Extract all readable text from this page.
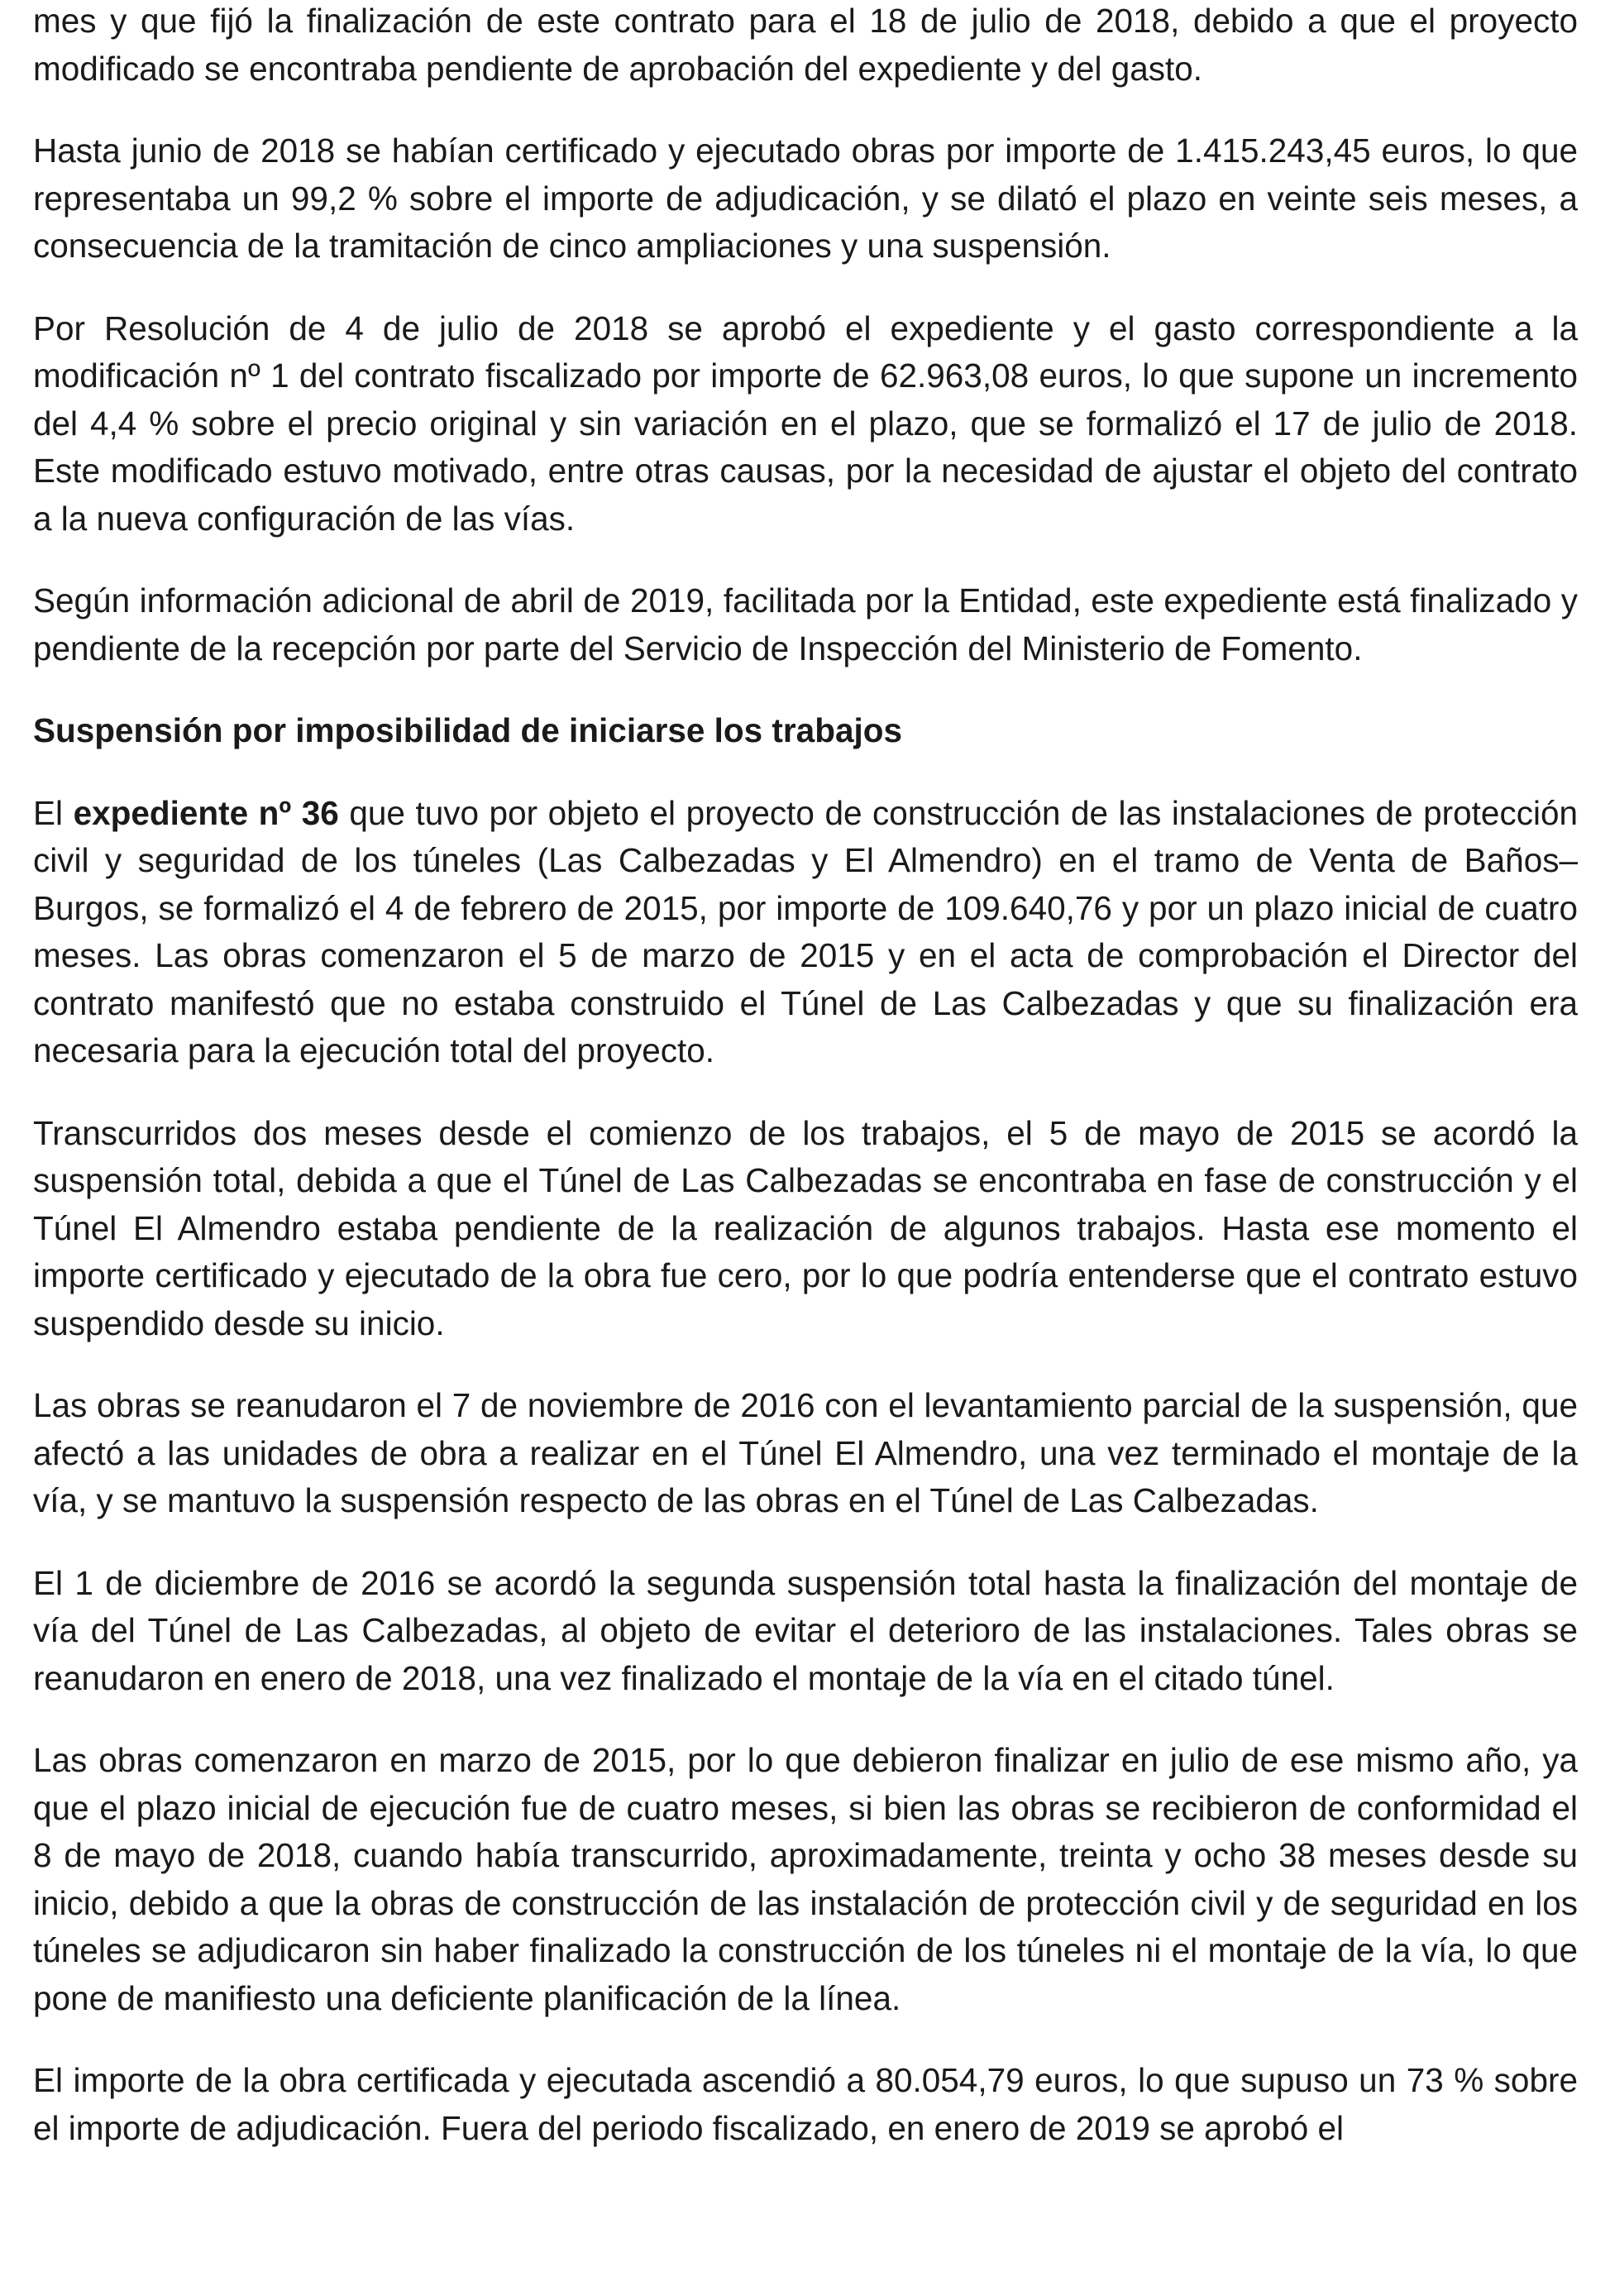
mes y que fijó la finalización de este contrato para el 18 de julio de 2018, debido a que el proyecto modificado se encontraba pendiente de aprobación del expediente y del gasto.

Hasta junio de 2018 se habían certificado y ejecutado obras por importe de 1.415.243,45 euros, lo que representaba un 99,2 % sobre el importe de adjudicación, y se dilató el plazo en veinte seis meses, a consecuencia de la tramitación de cinco ampliaciones y una suspensión.

Por Resolución de 4 de julio de 2018 se aprobó el expediente y el gasto correspondiente a la modificación nº 1 del contrato fiscalizado por importe de 62.963,08 euros, lo que supone un incremento del 4,4 % sobre el precio original y sin variación en el plazo, que se formalizó el 17 de julio de 2018. Este modificado estuvo motivado, entre otras causas, por la necesidad de ajustar el objeto del contrato a la nueva configuración de las vías.

Según información adicional de abril de 2019, facilitada por la Entidad, este expediente está finalizado y pendiente de la recepción por parte del Servicio de Inspección del Ministerio de Fomento.

Suspensión por imposibilidad de iniciarse los trabajos

El expediente nº 36 que tuvo por objeto el proyecto de construcción de las instalaciones de protección civil y seguridad de los túneles (Las Calbezadas y El Almendro) en el tramo de Venta de Baños–Burgos, se formalizó el 4 de febrero de 2015, por importe de 109.640,76 y por un plazo inicial de cuatro meses. Las obras comenzaron el 5 de marzo de 2015 y en el acta de comprobación el Director del contrato manifestó que no estaba construido el Túnel de Las Calbezadas y que su finalización era necesaria para la ejecución total del proyecto.

Transcurridos dos meses desde el comienzo de los trabajos, el 5 de mayo de 2015 se acordó la suspensión total, debida a que el Túnel de Las Calbezadas se encontraba en fase de construcción y el Túnel El Almendro estaba pendiente de la realización de algunos trabajos. Hasta ese momento el importe certificado y ejecutado de la obra fue cero, por lo que podría entenderse que el contrato estuvo suspendido desde su inicio.

Las obras se reanudaron el 7 de noviembre de 2016 con el levantamiento parcial de la suspensión, que afectó a las unidades de obra a realizar en el Túnel El Almendro, una vez terminado el montaje de la vía, y se mantuvo la suspensión respecto de las obras en el Túnel de Las Calbezadas.

El 1 de diciembre de 2016 se acordó la segunda suspensión total hasta la finalización del montaje de vía del Túnel de Las Calbezadas, al objeto de evitar el deterioro de las instalaciones. Tales obras se reanudaron en enero de 2018, una vez finalizado el montaje de la vía en el citado túnel.

Las obras comenzaron en marzo de 2015, por lo que debieron finalizar en julio de ese mismo año, ya que el plazo inicial de ejecución fue de cuatro meses, si bien las obras se recibieron de conformidad el 8 de mayo de 2018, cuando había transcurrido, aproximadamente, treinta y ocho 38 meses desde su inicio, debido a que la obras de construcción de las instalación de protección civil y de seguridad en los túneles se adjudicaron sin haber finalizado la construcción de los túneles ni el montaje de la vía, lo que pone de manifiesto una deficiente planificación de la línea.

El importe de la obra certificada y ejecutada ascendió a 80.054,79 euros, lo que supuso un 73 % sobre el importe de adjudicación. Fuera del periodo fiscalizado, en enero de 2019 se aprobó el
